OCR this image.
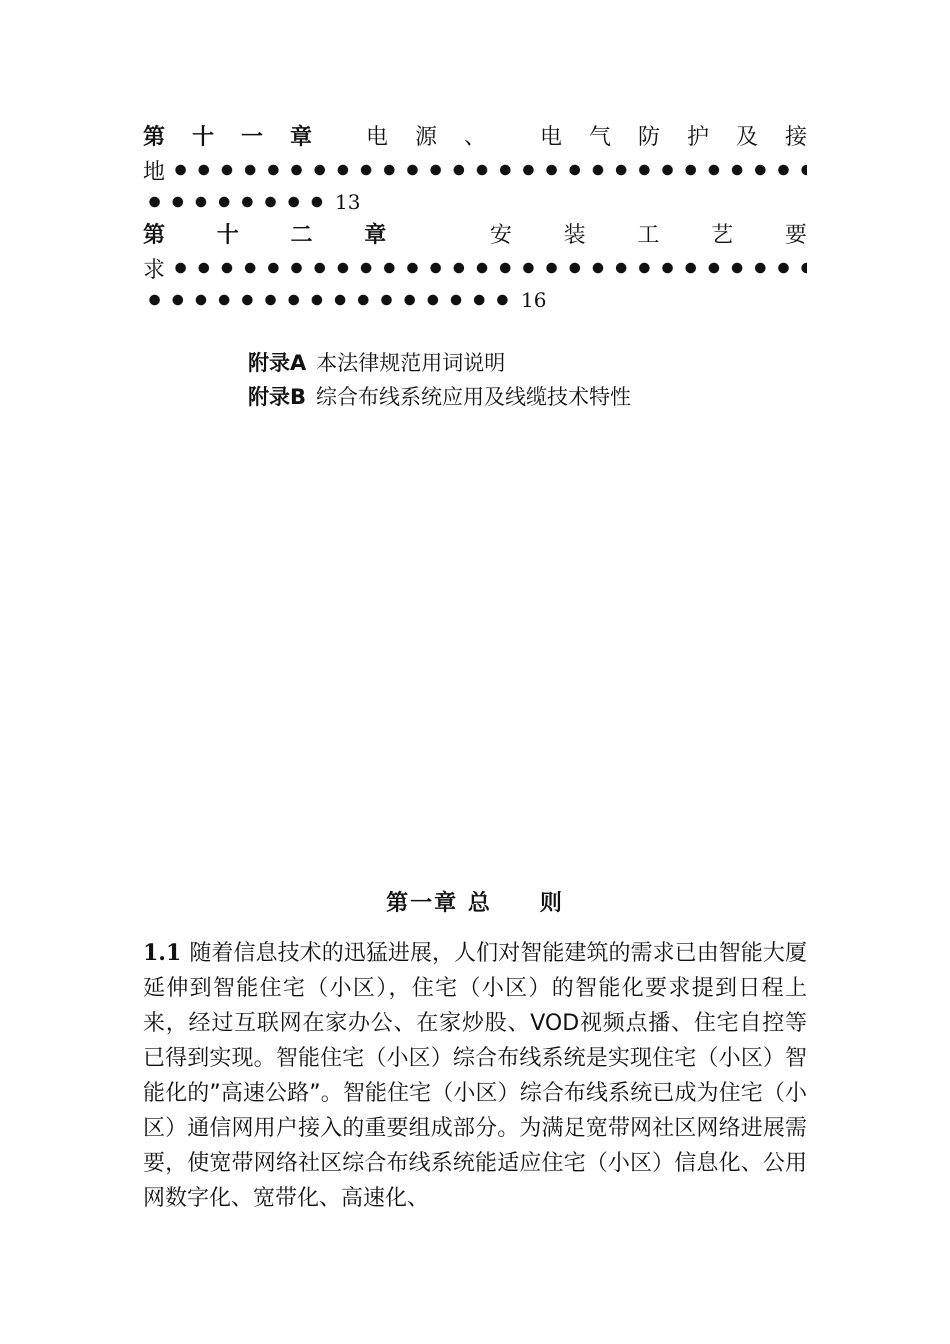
第 十 一 章 电 源 、 电 气 防 护 及 接
地
13
第 十 二 章	安 装 工 艺 要
求
16
附录A 本法律规范用词说明
附录B 综合布线系统应用及线缆技术特性
第一章 总　　则
1.1 随着信息技术的迅猛进展，人们对智能建筑的需求已由智能大厦延伸到智能住宅（小区），住宅（小区）的智能化要求提到日程上来，经过互联网在家办公、在家炒股、VOD视频点播、住宅自控等已得到实现。智能住宅（小区）综合布线系统是实现住宅（小区）智能化的”高速公路”。智能住宅（小区）综合布线系统已成为住宅（小区）通信网用户接入的重要组成部分。为满足宽带网社区网络进展需要，使宽带网络社区综合布线系统能适应住宅（小区）信息化、公用网数字化、宽带化、高速化、
